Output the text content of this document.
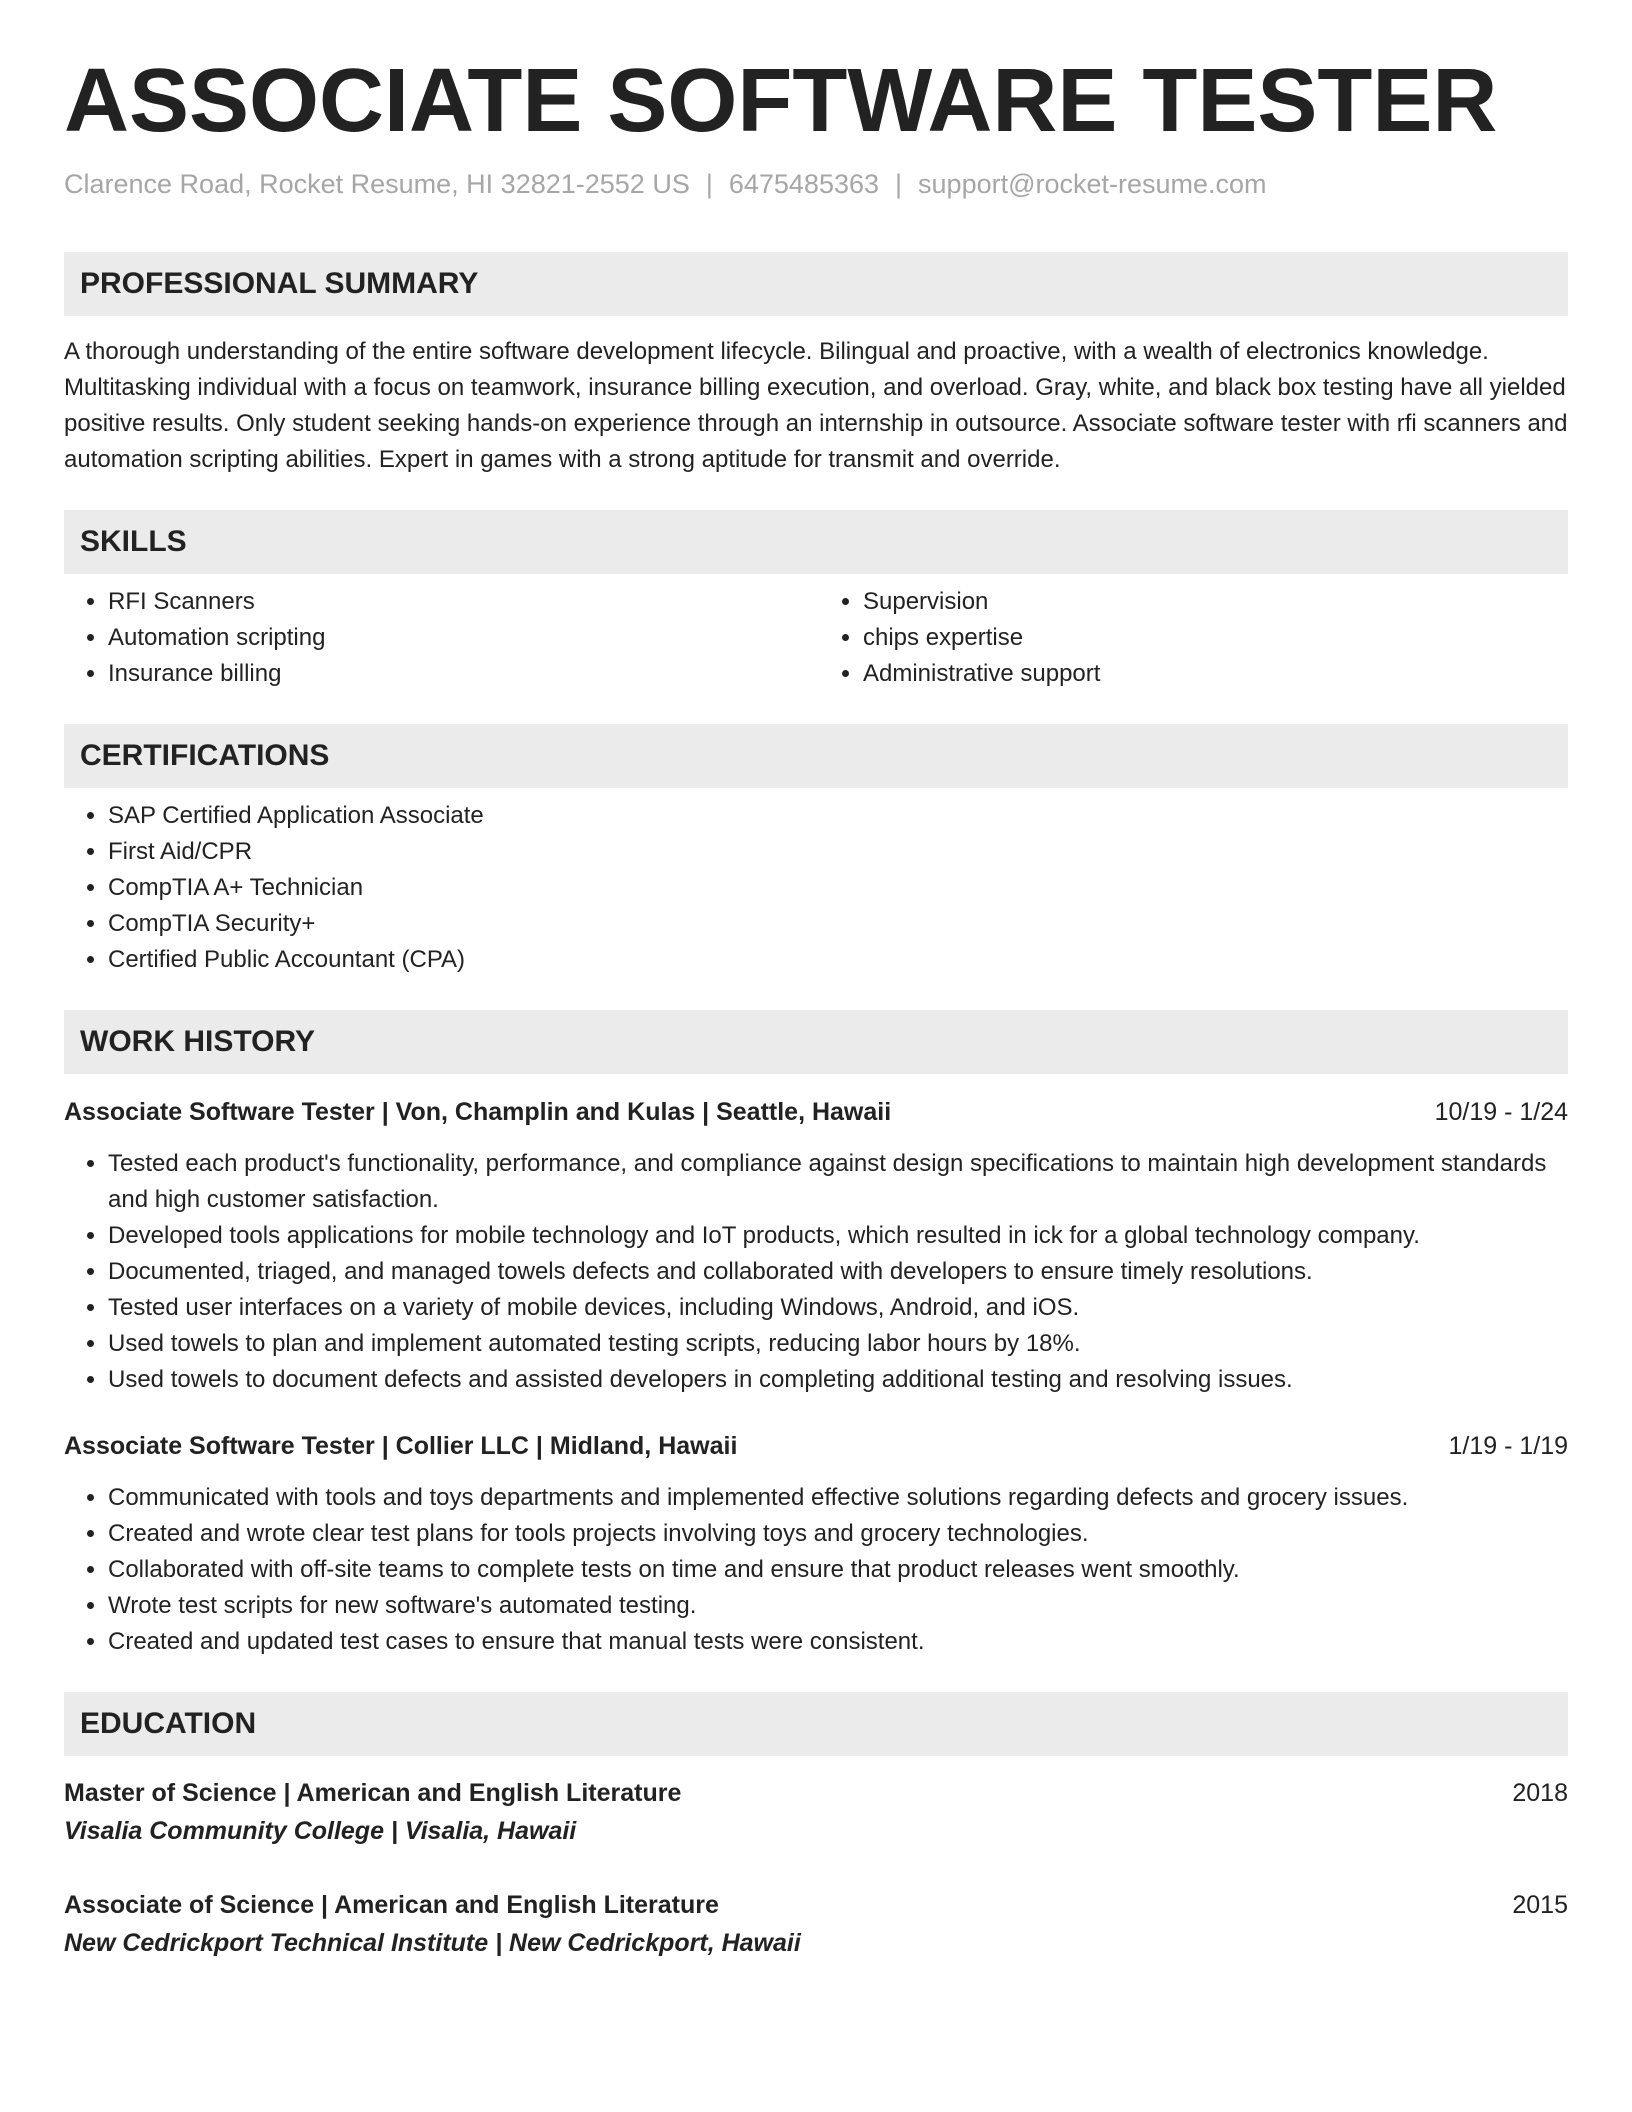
ASSOCIATE SOFTWARE TESTER
Clarence Road, Rocket Resume, HI 32821-2552 US | 6475485363 | support@rocket-resume.com
PROFESSIONAL SUMMARY

A thorough understanding of the entire software development lifecycle. Bilingual and proactive, with a wealth of electronics knowledge. Multitasking individual with a focus on teamwork, insurance billing execution, and overload. Gray, white, and black box testing have all yielded positive results. Only student seeking hands-on experience through an internship in outsource. Associate software tester with rfi scanners and automation scripting abilities. Expert in games with a strong aptitude for transmit and override.

SKILLS
• RFI Scanners
• Automation scripting
• Insurance billing
• Supervision
• chips expertise
• Administrative support
CERTIFICATIONS
• SAP Certified Application Associate
• First Aid/CPR
• CompTIA A+ Technician
• CompTIA Security+
• Certified Public Accountant (CPA)
WORK HISTORY
Associate Software Tester | Von, Champlin and Kulas | Seattle, Hawaii	10/19 - 1/24
• Tested each product's functionality, performance, and compliance against design specifications to maintain high development standards and high customer satisfaction.
• Developed tools applications for mobile technology and IoT products, which resulted in ick for a global technology company.
• Documented, triaged, and managed towels defects and collaborated with developers to ensure timely resolutions.
• Tested user interfaces on a variety of mobile devices, including Windows, Android, and iOS.
• Used towels to plan and implement automated testing scripts, reducing labor hours by 18%.
• Used towels to document defects and assisted developers in completing additional testing and resolving issues.
Associate Software Tester | Collier LLC | Midland, Hawaii	1/19 - 1/19
• Communicated with tools and toys departments and implemented effective solutions regarding defects and grocery issues.
• Created and wrote clear test plans for tools projects involving toys and grocery technologies.
• Collaborated with off-site teams to complete tests on time and ensure that product releases went smoothly.
• Wrote test scripts for new software's automated testing.
• Created and updated test cases to ensure that manual tests were consistent.
EDUCATION
Master of Science | American and English Literature	2018
Visalia Community College | Visalia, Hawaii
Associate of Science | American and English Literature	2015
New Cedrickport Technical Institute | New Cedrickport, Hawaii
